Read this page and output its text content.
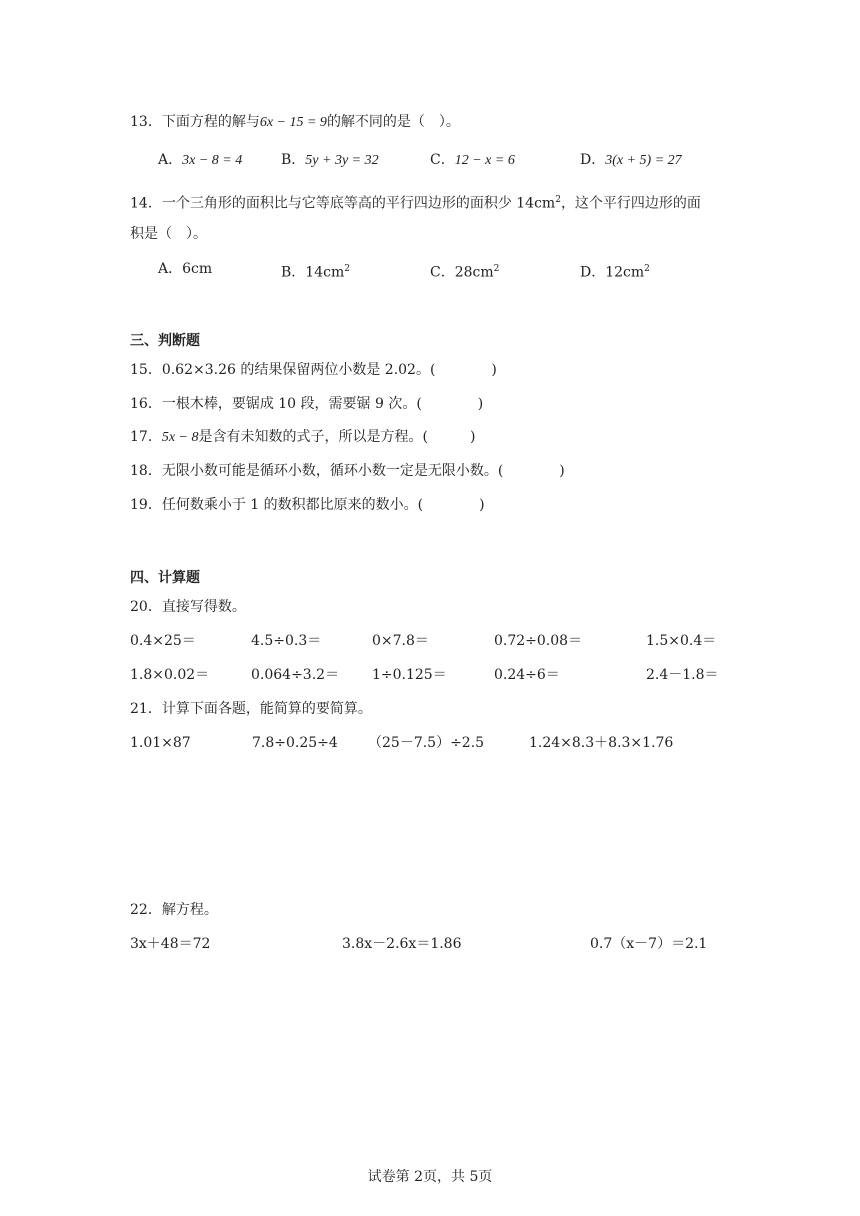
13．下面方程的解与6x − 15 = 9的解不同的是（　）。
A．3x − 8 = 4	B．5y + 3y = 32	C．12 − x = 6	D．3(x + 5) = 27
14．一个三角形的面积比与它等底等高的平行四边形的面积少 $14cm^2$，这个平行四边形的面
积是（　）。
A．6cm	B．$14cm^2$	C．$28cm^2$	D．$12cm^2$
三、判断题
15．0.62×3.26 的结果保留两位小数是 2.02。(　　　　)
16．一根木棒，要锯成 10 段，需要锯 9 次。(　　　　)
17．5x − 8是含有未知数的式子，所以是方程。(　　　)
18．无限小数可能是循环小数，循环小数一定是无限小数。(　　　　)
19．任何数乘小于 1 的数积都比原来的数小。(　　　　)
四、计算题
20．直接写得数。
0.4×25＝	4.5÷0.3＝	0×7.8＝	0.72÷0.08＝	1.5×0.4＝
1.8×0.02＝	0.064÷3.2＝ 1÷0.125＝	0.24÷6＝	2.4－1.8＝
21．计算下面各题，能简算的要简算。
1.01×87	7.8÷0.25÷4 （25－7.5）÷2.5	1.24×8.3＋8.3×1.76
22．解方程。
3x＋48＝72	3.8x－2.6x＝1.86	0.7（x－7）＝2.1
试卷第 2页，共 5页
